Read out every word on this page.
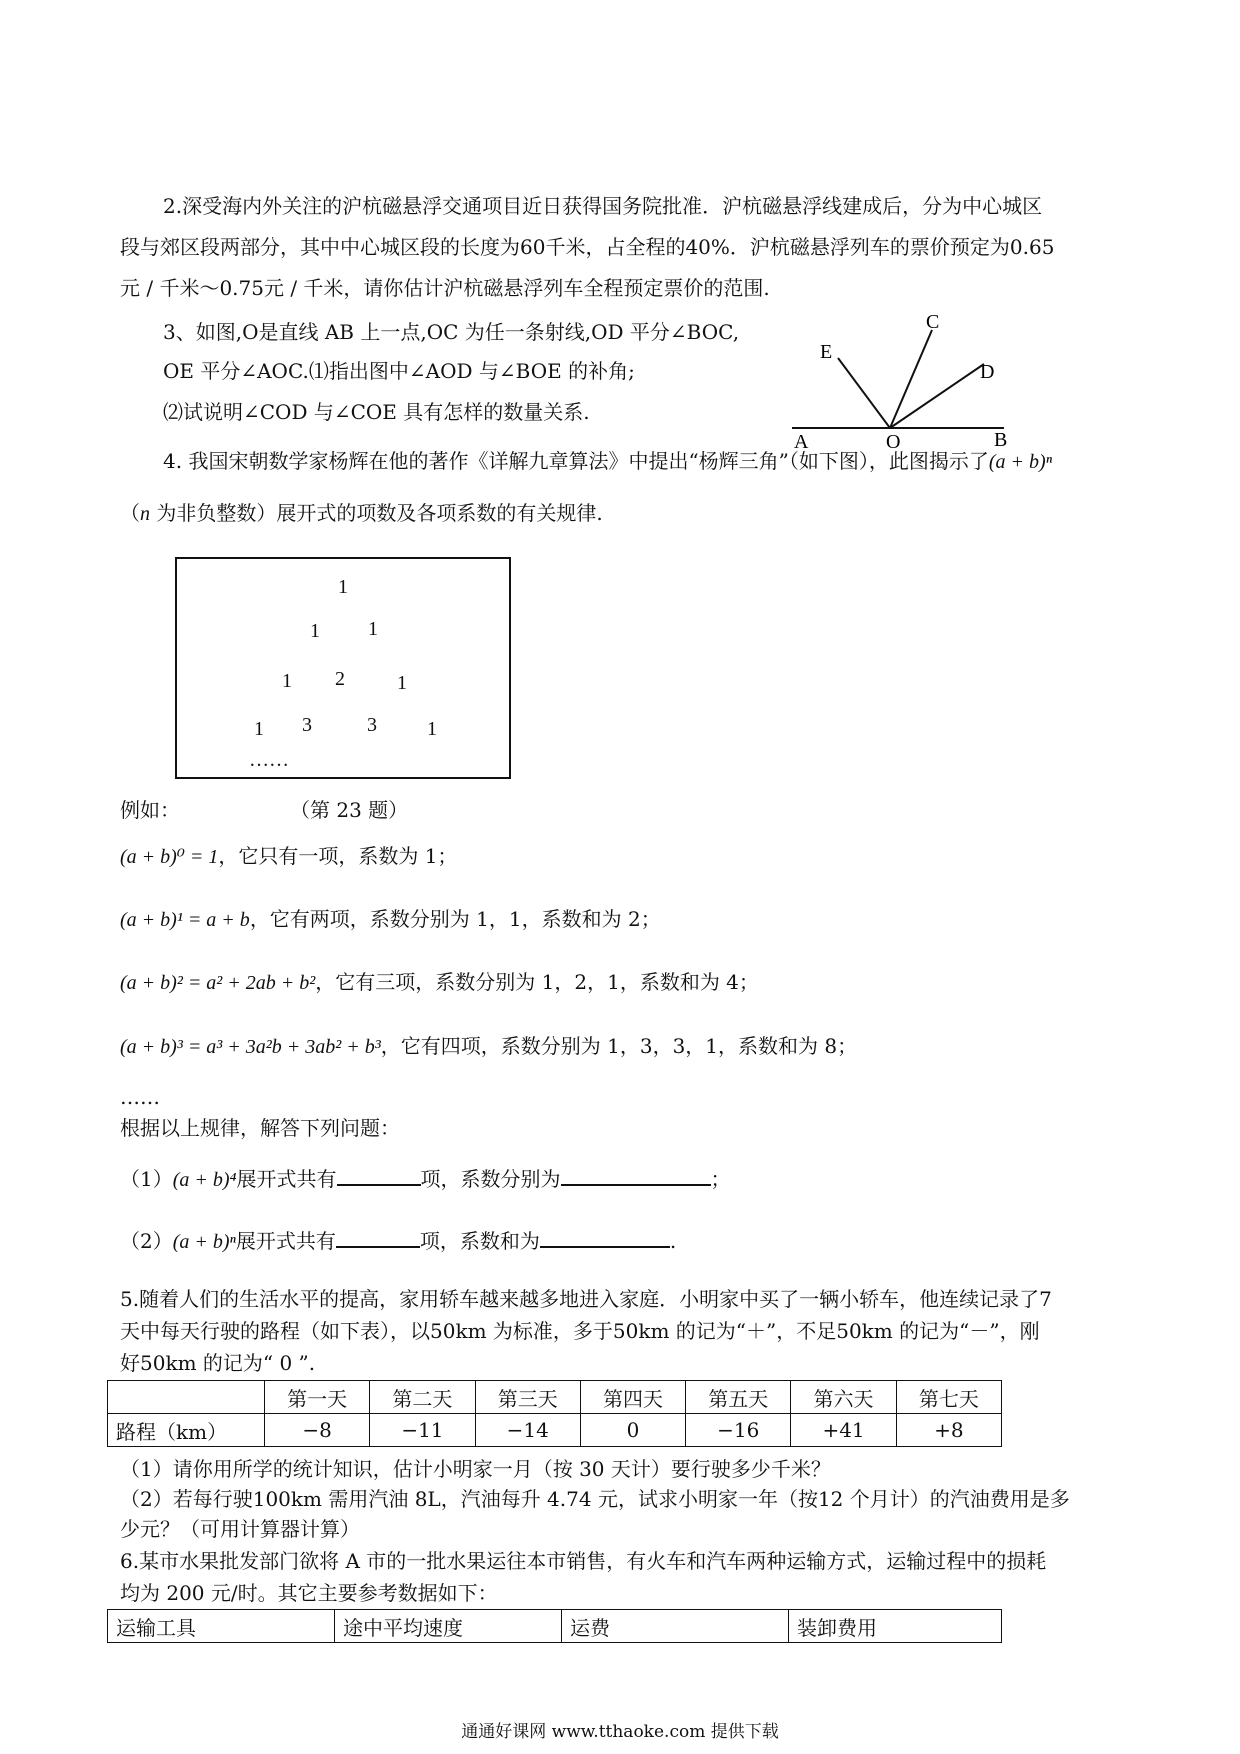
2.深受海内外关注的沪杭磁悬浮交通项目近日获得国务院批准．沪杭磁悬浮线建成后，分为中心城区
段与郊区段两部分，其中中心城区段的长度为60千米，占全程的40%．沪杭磁悬浮列车的票价预定为0.65
元 / 千米～0.75元 / 千米，请你估计沪杭磁悬浮列车全程预定票价的范围.
3、如图,O是直线 AB 上一点,OC 为任一条射线,OD 平分∠BOC,
OE 平分∠AOC.⑴指出图中∠AOD 与∠BOE 的补角;
⑵试说明∠COD 与∠COE 具有怎样的数量关系.
A	O	B
C
D
E
4. 我国宋朝数学家杨辉在他的著作《详解九章算法》中提出“杨辉三角”（如下图），此图揭示了(a + b)ⁿ
（n 为非负整数）展开式的项数及各项系数的有关规律.
1
1 1
1 2	1
1 3	3	1
……
例如：	（第 23 题）
(a + b)⁰ = 1，它只有一项，系数为 1；
(a + b)¹ = a + b，它有两项，系数分别为 1，1，系数和为 2；
(a + b)² = a² + 2ab + b²，它有三项，系数分别为 1，2，1，系数和为 4；
(a + b)³ = a³ + 3a²b + 3ab² + b³，它有四项，系数分别为 1，3，3，1，系数和为 8；
……
根据以上规律，解答下列问题：
（1）(a + b)⁴展开式共有	项，系数分别为	；
（2）(a + b)ⁿ展开式共有	项，系数和为	.
5.随着人们的生活水平的提高，家用轿车越来越多地进入家庭．小明家中买了一辆小轿车，他连续记录了7
天中每天行驶的路程（如下表），以50km 为标准，多于50km 的记为“＋”，不足50km 的记为“－”，刚
好50km 的记为“ 0 ”.
	第一天	第二天	第三天	第四天	第五天	第六天	第七天
路程（km）	−8	−11	−14	0	−16	+41	+8
（1）请你用所学的统计知识，估计小明家一月（按 30 天计）要行驶多少千米？
（2）若每行驶100km 需用汽油 8L，汽油每升 4.74 元，试求小明家一年（按12 个月计）的汽油费用是多
少元？（可用计算器计算）
6.某市水果批发部门欲将 A 市的一批水果运往本市销售，有火车和汽车两种运输方式，运输过程中的损耗
均为 200 元/时。其它主要参考数据如下：
运输工具	途中平均速度	运费	装卸费用
通通好课网 www.tthaoke.com 提供下载
